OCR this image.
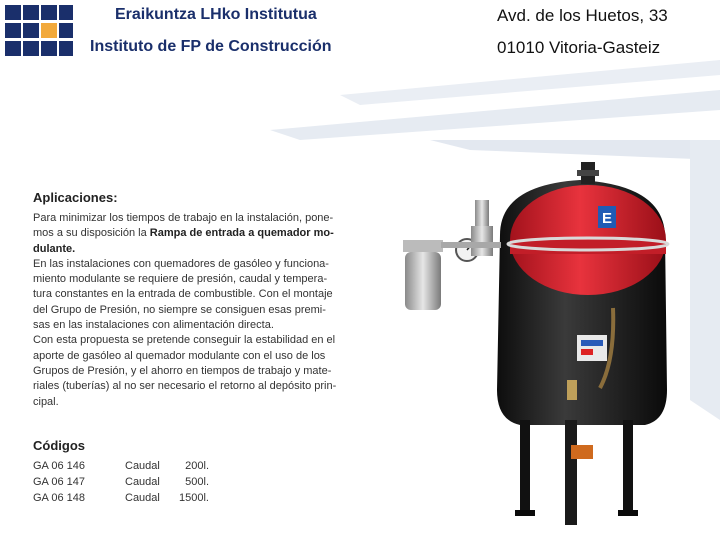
Eraikuntza LHko Institutua
Instituto de FP de Construcción
Avd. de los Huetos, 33
01010 Vitoria-Gasteiz

Aplicaciones:

Para minimizar los tiempos de trabajo en la instalación, pone-
mos a su disposición la Rampa de entrada a quemador mo-
dulante.
En las instalaciones con quemadores de gasóleo y funciona-
miento modulante se requiere de presión, caudal y tempera-
tura constantes en la entrada de combustible. Con el montaje
del Grupo de Presión, no siempre se consiguen esas premi-
sas en las instalaciones con alimentación directa.
Con esta propuesta se pretende conseguir la estabilidad en el
aporte de gasóleo al quemador modulante con el uso de los
Grupos de Presión, y el ahorro en tiempos de trabajo y mate-
riales (tuberías) al no ser necesario el retorno al depósito prin-
cipal.

Códigos

GA 06 146	Caudal	200l.
GA 06 147	Caudal	500l.
GA 06 148	Caudal	1500l.
E
